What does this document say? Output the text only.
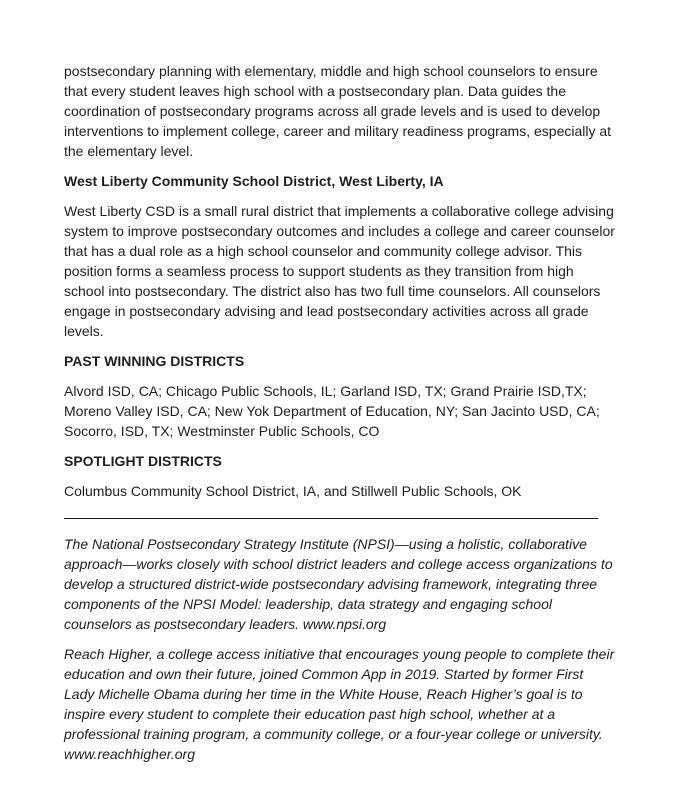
postsecondary planning with elementary, middle and high school counselors to ensure that every student leaves high school with a postsecondary plan. Data guides the coordination of postsecondary programs across all grade levels and is used to develop interventions to implement college, career and military readiness programs, especially at the elementary level.

West Liberty Community School District, West Liberty, IA

West Liberty CSD is a small rural district that implements a collaborative college advising system to improve postsecondary outcomes and includes a college and career counselor that has a dual role as a high school counselor and community college advisor. This position forms a seamless process to support students as they transition from high school into postsecondary. The district also has two full time counselors. All counselors engage in postsecondary advising and lead postsecondary activities across all grade levels.

PAST WINNING DISTRICTS

Alvord ISD, CA; Chicago Public Schools, IL; Garland ISD, TX; Grand Prairie ISD,TX; Moreno Valley ISD, CA; New Yok Department of Education, NY; San Jacinto USD, CA; Socorro, ISD, TX; Westminster Public Schools, CO

SPOTLIGHT DISTRICTS

Columbus Community School District, IA, and Stillwell Public Schools, OK

The National Postsecondary Strategy Institute (NPSI)—using a holistic, collaborative approach—works closely with school district leaders and college access organizations to develop a structured district-wide postsecondary advising framework, integrating three components of the NPSI Model: leadership, data strategy and engaging school counselors as postsecondary leaders. www.npsi.org

Reach Higher, a college access initiative that encourages young people to complete their education and own their future, joined Common App in 2019. Started by former First Lady Michelle Obama during her time in the White House, Reach Higher’s goal is to inspire every student to complete their education past high school, whether at a professional training program, a community college, or a four-year college or university. www.reachhigher.org
